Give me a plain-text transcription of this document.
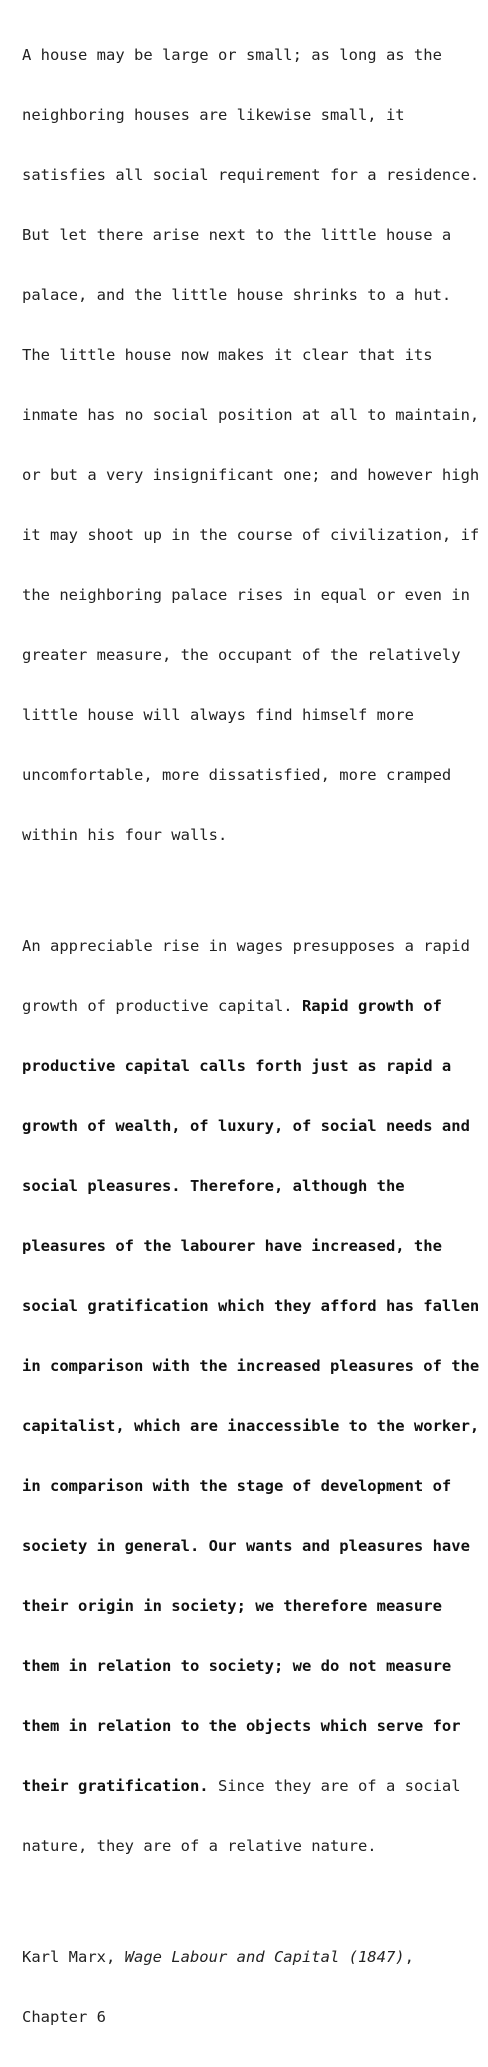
A house may be large or small; as long as the

neighboring houses are likewise small, it

satisfies all social requirement for a residence.

But let there arise next to the little house a

palace, and the little house shrinks to a hut.

The little house now makes it clear that its

inmate has no social position at all to maintain,

or but a very insignificant one; and however high

it may shoot up in the course of civilization, if

the neighboring palace rises in equal or even in

greater measure, the occupant of the relatively

little house will always find himself more

uncomfortable, more dissatisfied, more cramped

within his four walls.

An appreciable rise in wages presupposes a rapid

growth of productive capital. Rapid growth of

productive capital calls forth just as rapid a

growth of wealth, of luxury, of social needs and

social pleasures. Therefore, although the

pleasures of the labourer have increased, the

social gratification which they afford has fallen

in comparison with the increased pleasures of the

capitalist, which are inaccessible to the worker,

in comparison with the stage of development of

society in general. Our wants and pleasures have

their origin in society; we therefore measure

them in relation to society; we do not measure

them in relation to the objects which serve for

their gratification. Since they are of a social

nature, they are of a relative nature.

Karl Marx, Wage Labour and Capital (1847),

Chapter 6
